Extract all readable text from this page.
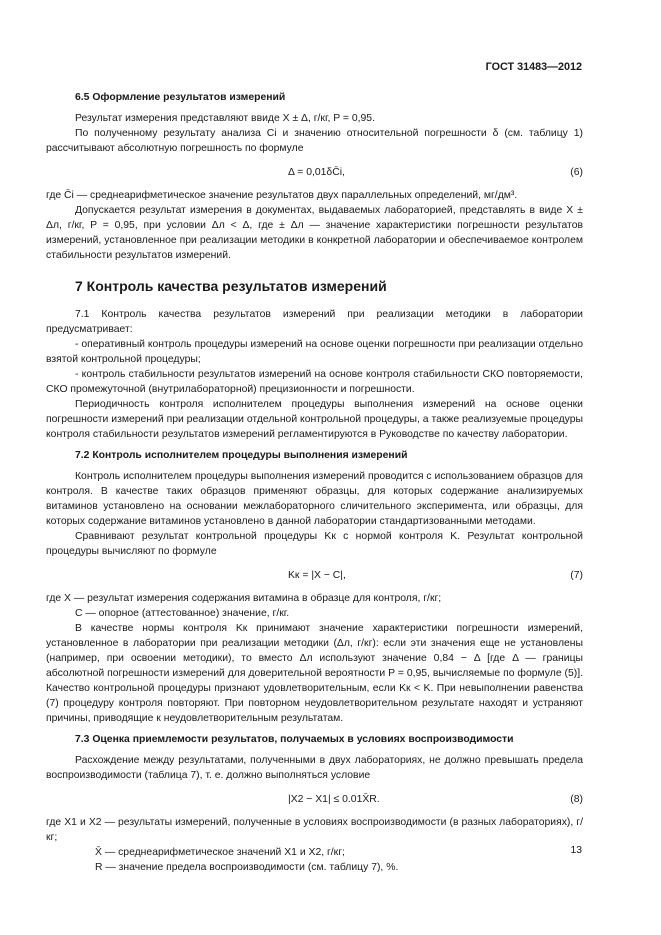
ГОСТ 31483—2012

6.5 Оформление результатов измерений

Результат измерения представляют ввиде X ± Δ, г/кг, P = 0,95.

По полученному результату анализа Ci и значению относительной погрешности δ (см. таблицу 1) рассчитывают абсолютную погрешность по формуле

Δ = 0,01δC̄i,	(6)

где C̄i — среднеарифметическое значение результатов двух параллельных определений, мг/дм³.

Допускается результат измерения в документах, выдаваемых лабораторией, представлять в виде X ± Δл, г/кг, P = 0,95, при условии Δл < Δ, где ± Δл — значение характеристики погрешности результатов измерений, установленное при реализации методики в конкретной лаборатории и обеспечиваемое контролем стабильности результатов измерений.

7 Контроль качества результатов измерений

7.1 Контроль качества результатов измерений при реализации методики в лаборатории предусматривает:

- оперативный контроль процедуры измерений на основе оценки погрешности при реализации отдельно взятой контрольной процедуры;

- контроль стабильности результатов измерений на основе контроля стабильности СКО повторяемости, СКО промежуточной (внутрилабораторной) прецизионности и погрешности.

Периодичность контроля исполнителем процедуры выполнения измерений на основе оценки погрешности измерений при реализации отдельной контрольной процедуры, а также реализуемые процедуры контроля стабильности результатов измерений регламентируются в Руководстве по качеству лаборатории.

7.2 Контроль исполнителем процедуры выполнения измерений

Контроль исполнителем процедуры выполнения измерений проводится с использованием образцов для контроля. В качестве таких образцов применяют образцы, для которых содержание анализируемых витаминов установлено на основании межлабораторного сличительного эксперимента, или образцы, для которых содержание витаминов установлено в данной лаборатории стандартизованными методами.

Сравнивают результат контрольной процедуры Kк с нормой контроля K. Результат контрольной процедуры вычисляют по формуле

Kк = |X − C|,	(7)

где X — результат измерения содержания витамина в образце для контроля, г/кг;

C — опорное (аттестованное) значение, г/кг.

В качестве нормы контроля Kк принимают значение характеристики погрешности измерений, установленное в лаборатории при реализации методики (Δл, г/кг): если эти значения еще не установлены (например, при освоении методики), то вместо Δл используют значение 0,84 − Δ [где Δ — границы абсолютной погрешности измерений для доверительной вероятности P = 0,95, вычисляемые по формуле (5)]. Качество контрольной процедуры признают удовлетворительным, если Kк < K. При невыполнении равенства (7) процедуру контроля повторяют. При повторном неудовлетворительном результате находят и устраняют причины, приводящие к неудовлетворительным результатам.

7.3 Оценка приемлемости результатов, получаемых в условиях воспроизводимости

Расхождение между результатами, полученными в двух лабораториях, не должно превышать предела воспроизводимости (таблица 7), т. е. должно выполняться условие

|X2 − X1| ≤ 0.01X̄R.	(8)

где X1 и X2 — результаты измерений, полученные в условиях воспроизводимости (в разных лабораториях), г/кг;

X̄ — среднеарифметическое значений X1 и X2, г/кг;

R — значение предела воспроизводимости (см. таблицу 7), %.

13
